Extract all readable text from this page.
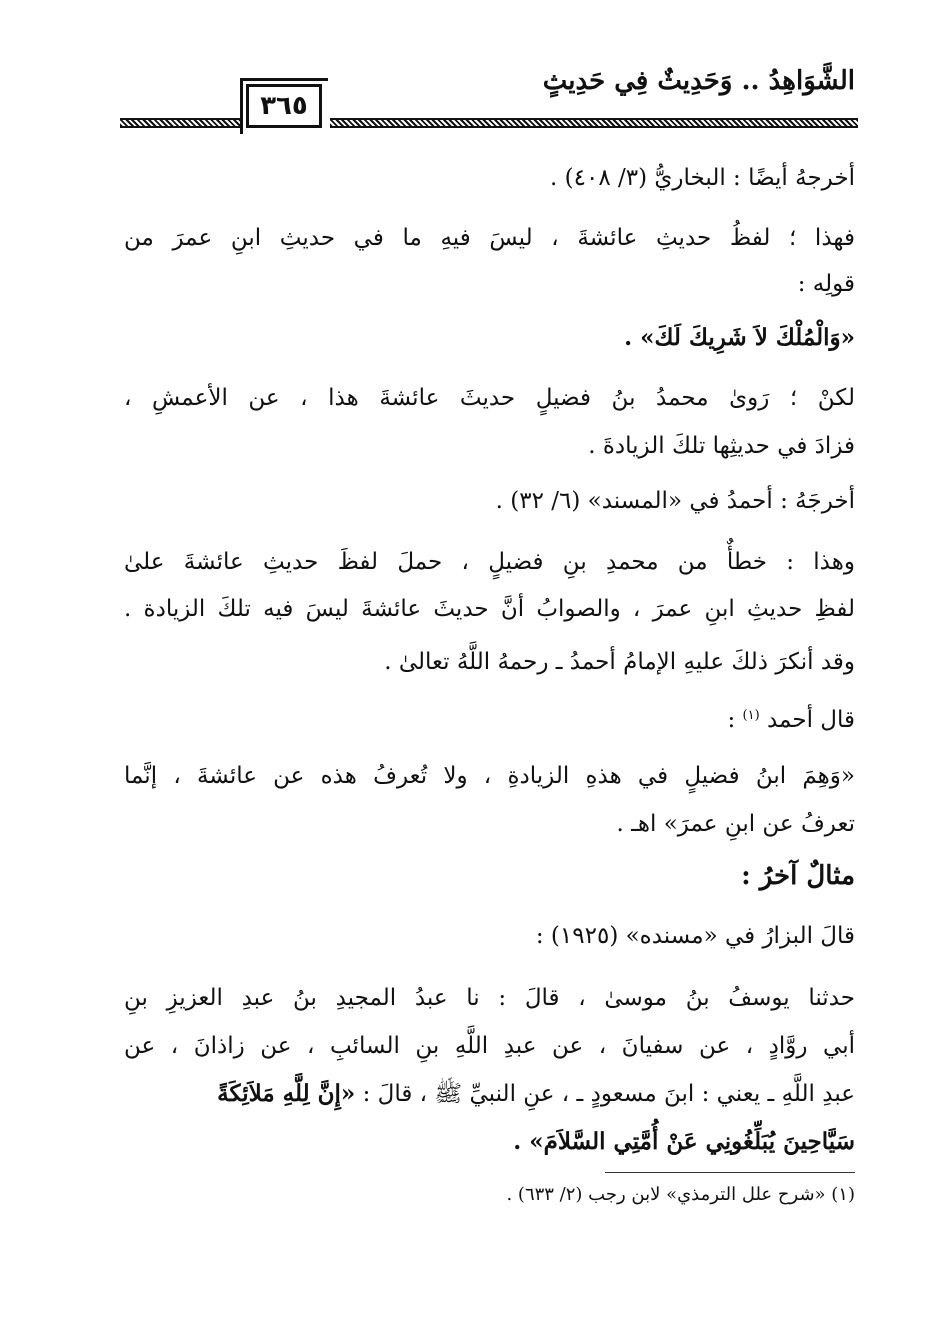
الشَّوَاهِدُ .. وَحَدِيثٌ فِي حَدِيثٍ
٣٦٥
أخرجهُ أيضًا : البخاريُّ (٣/ ٤٠٨) .
فهذا ؛ لفظُ حديثِ عائشةَ ، ليسَ فيهِ ما في حديثِ ابنِ عمرَ من
قولِه :
«وَالْمُلْكَ لاَ شَرِيكَ لَكَ» .
لكنْ ؛ رَوىٰ محمدُ بنُ فضيلٍ حديثَ عائشةَ هذا ، عن الأعمشِ ،
فزادَ في حديثِها تلكَ الزيادةَ .
أخرجَهُ : أحمدُ في «المسند» (٦/ ٣٢) .
وهذا : خطأٌ من محمدِ بنِ فضيلٍ ، حملَ لفظَ حديثِ عائشةَ علىٰ
لفظِ حديثِ ابنِ عمرَ ، والصوابُ أنَّ حديثَ عائشةَ ليسَ فيه تلكَ الزيادة .
وقد أنكرَ ذلكَ عليهِ الإمامُ أحمدُ ـ رحمهُ اللَّهُ تعالىٰ .
قال أحمد $^{(١)}$ :
«وَهِمَ ابنُ فضيلٍ في هذهِ الزيادةِ ، ولا تُعرفُ هذه عن عائشةَ ، إنَّما
تعرفُ عن ابنِ عمرَ» اهـ .
مثالٌ آخرُ :
قالَ البزارُ في «مسنده» (١٩٢٥) :
حدثنا يوسفُ بنُ موسىٰ ، قالَ : نا عبدُ المجيدِ بنُ عبدِ العزيزِ بنِ
أبي روَّادٍ ، عن سفيانَ ، عن عبدِ اللَّهِ بنِ السائبِ ، عن زاذانَ ، عن
عبدِ اللَّهِ ـ يعني : ابنَ مسعودٍ ـ ، عنِ النبيِّ ﷺ ، قالَ : «إِنَّ لِلَّهِ مَلاَئِكَةً
سَيَّاحِينَ يُبَلِّغُونِي عَنْ أُمَّتِي السَّلاَمَ» .
(١) «شرح علل الترمذي» لابن رجب (٢/ ٦٣٣) .
